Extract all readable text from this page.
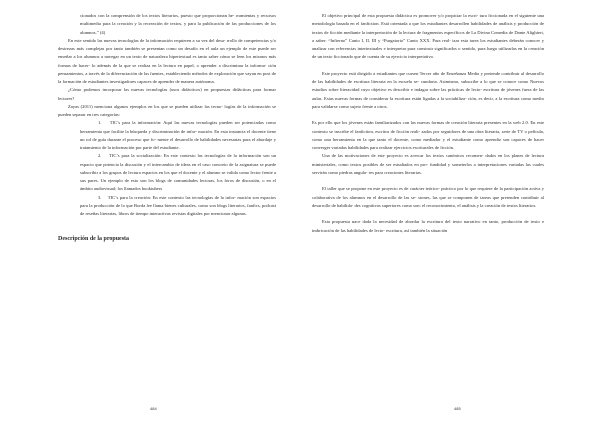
cionados con la comprensión de los textos literarios, puesto que proporcionan he- rramientas y recursos multimedia para la creación y la recreación de textos, y para la publicación de las producciones de los alumnos.” (4)

En este sentido las nuevas tecnologías de la información requieren a su vez del desa- rrollo de competencias y/o destrezas más complejas por tanto también se presentan como un desafío en el aula un ejemplo de este puede ser enseñar a los alumnos a navegar en un texto de naturaleza hipertextual es tanto saber cómo se leen los mismos más formas de hacer- lo además de la que se realiza en la lectura en papel, o aprender a discriminar la informa- ción pensamientos, a través de la diferenciación de las fuentes, estableciendo métodos de exploración que vayan en post de la formación de estudiantes investigadores capaces de aprender de manera autónoma.

¿Cómo podemos incorporar las nuevas tecnologías (usos didácticos) en propuestas didácticas para formar lectores?

Zayas (2011) menciona algunos ejemplos en los que se pueden utilizar las tecno- logías de la información se pueden separar en tres categorías:

1. TIC’s para la información: Aquí las nuevas tecnologías pueden ser potenciadas como herramienta que facilite la búsqueda y discriminación de infor- mación. En esta instancia el docente tiene un rol de guía durante el proceso que fo- mente el desarrollo de habilidades necesarias para el abordaje y tratamiento de la información por parte del estudiante.
2. TIC’s para la socialización: En este contexto las tecnologías de la información son un espacio que potencia la discusión y el intercambio de ideas en el caso concreto de la asignatura se puede subscribir a los grupos de lectura espacios en los que el docente y el alumno se valida como lector frente a sus pares. Un ejemplo de esto son los blogs de comunidades lectoras, los foros de discusión, o en el ámbito audiovisual; los llamados booktubers
3. TIC’s para la creación: En este contexto las tecnologías de la infor- mación son espacios para la producción de lo que Borda lee llama bienes culturales, como son blogs literarios, fanfics, podcast de reseñas literarias, libros de tiempo interactivas revistas digitales por mencionar algunas.

Descripción de la propuesta

484

El objetivo principal de esta propuesta didáctica es promover y/o propiciar la escri- tura ficcionada en el siguiente una metodología basada en el fanfiction. Está orientada a que los estudiantes desarrollen habilidades de análisis y producción de textos de ficción mediante la interpretación de la lectura de fragmentos específicos de La Divina Comedia de Dante Alighieri, a saber: “Infierno” Canto I, II, III y “Purgatorio” Canto XXX. Para real- izar esta tarea los estudiantes deberán conocer y analizar con referencias intertextuales e interpretar para construir significados o sentido, para luego utilizarlas en la creación de un texto ficcionado que de cuenta de su ejercicio interpretativo.

Este proyecto está dirigido a estudiantes que cursen Tercer año de Enseñanza Media y pretende contribuir al desarrollo de las habilidades de escritura literaria en la escuela se- cundaria. Asimismo, subscribe a lo que se conoce como Nuevos estudios sobre literacidad cuyo objetivo es describir e indagar sobre las prácticas de lecto- escritura de jóvenes fuera de las aulas. Estas nuevas formas de considerar la escritura están ligadas a la sociabiliza- ción, es decir, a la escritura como medio para validarse como sujeto frente a otros.

Es por ello que los jóvenes están familiarizados con las nuevas formas de creación literaria presentes en la web 2.0. En este contexto se inscribe el fanfiction, escritos de ficción reali- zados por seguidores de una obra literaria, serie de TV o película, como una herramienta en la que tanto el docente, como mediador y el estudiante como aprendiz son capaces de hacer converger variadas habilidades para realizar ejercicios escriturales de ficción.

Una de las motivaciones de este proyecto es acercar los textos canónicos recomen- dados en los planes de lectura ministeriales, como textos posibles de ser estudiados en pro- fundidad y someterlos a interpretaciones variadas las cuales servirán como piedras angula- res para creaciones literarias.

El taller que se propone en este proyecto es de carácter teórico- práctico por lo que requiere de la participación activa y colaborativa de los alumnos en el desarrollo de las se- siones, las que se componen de tareas que pretenden contribuir al desarrollo de habilida- des cognitivas superiores como son: el reconocimiento, el análisis y la creación de textos literarios.

Esta propuesta nace dada la necesidad de abordar la escritura del texto narrativo en tanto, producción de texto e imbricación de las habilidades de lecto- escritura, así también la situación

485
